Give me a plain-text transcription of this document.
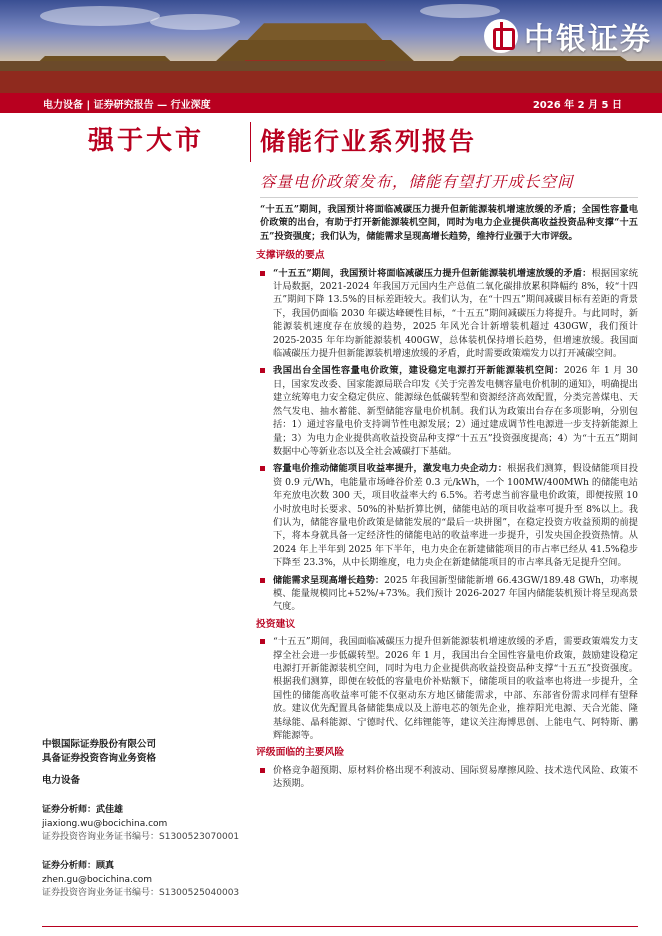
中银证券
电力设备 | 证券研究报告 — 行业深度	2026 年 2 月 5 日
强于大市
中银国际证券股份有限公司
具备证券投资咨询业务资格
电力设备
证券分析师：武佳雄
jiaxiong.wu@bocichina.com
证券投资咨询业务证书编号：S1300523070001
证券分析师：顾真
zhen.gu@bocichina.com
证券投资咨询业务证书编号：S1300525040003
储能行业系列报告
容量电价政策发布，储能有望打开成长空间

“十五五”期间，我国预计将面临减碳压力提升但新能源装机增速放缓的矛盾；全国性容量电价政策的出台，有助于打开新能源装机空间，同时为电力企业提供高收益投资品种支撑“十五五”投资强度；我们认为，储能需求呈现高增长趋势，维持行业强于大市评级。

支撑评级的要点
“十五五”期间，我国预计将面临减碳压力提升但新能源装机增速放缓的矛盾：根据国家统计局数据，2021-2024 年我国万元国内生产总值二氧化碳排放累积降幅约 8%，较“十四五”期间下降 13.5%的目标差距较大。我们认为，在“十四五”期间减碳目标有差距的背景下，我国仍面临 2030 年碳达峰硬性目标，“十五五”期间减碳压力将提升。与此同时，新能源装机速度存在放缓的趋势，2025 年风光合计新增装机超过 430GW，我们预计 2025-2035 年年均新能源装机 400GW，总体装机保持增长趋势，但增速放缓。我国面临减碳压力提升但新能源装机增速放缓的矛盾，此时需要政策端发力以打开减碳空间。
我国出台全国性容量电价政策，建设稳定电源打开新能源装机空间：2026 年 1 月 30 日，国家发改委、国家能源局联合印发《关于完善发电侧容量电价机制的通知》，明确提出建立统筹电力安全稳定供应、能源绿色低碳转型和资源经济高效配置，分类完善煤电、天然气发电、抽水蓄能、新型储能容量电价机制。我们认为政策出台存在多项影响，分别包括：1）通过容量电价支持调节性电源发展；2）通过建成调节性电源进一步支持新能源上量；3）为电力企业提供高收益投资品种支撑“十五五”投资强度提高；4）为“十五五”期间数据中心等新业态以及全社会减碳打下基础。
容量电价推动储能项目收益率提升，激发电力央企动力：根据我们测算，假设储能项目投资 0.9 元/Wh，电能量市场峰谷价差 0.3 元/kWh，一个 100MW/400MWh 的储能电站年充放电次数 300 天，项目收益率大约 6.5%。若考虑当前容量电价政策，即便按照 10 小时放电时长要求、50%的补贴折算比例，储能电站的项目收益率可提升至 8%以上。我们认为，储能容量电价政策是储能发展的“最后一块拼图”，在稳定投资方收益预期的前提下，将本身就具备一定经济性的储能电站的收益率进一步提升，引发央国企投资热情。从 2024 年上半年到 2025 年下半年，电力央企在新建储能项目的市占率已经从 41.5%稳步下降至 23.3%，从中长期维度，电力央企在新建储能项目的市占率具备无足提升空间。
储能需求呈现高增长趋势：2025 年我国新型储能新增 66.43GW/189.48 GWh，功率规模、能量规模同比+52%/+73%。我们预计 2026-2027 年国内储能装机预计将呈现高景气度。
投资建议
“十五五”期间，我国面临减碳压力提升但新能源装机增速放缓的矛盾，需要政策端发力支撑全社会进一步低碳转型。2026 年 1 月，我国出台全国性容量电价政策，鼓励建设稳定电源打开新能源装机空间，同时为电力企业提供高收益投资品种支撑“十五五”投资强度。根据我们测算，即便在较低的容量电价补贴额下，储能项目的收益率也将进一步提升，全国性的储能高收益率可能不仅驱动东方地区储能需求，中部、东部省份需求同样有望释放。建议优先配置具备储能集成以及上游电芯的领先企业，推荐阳光电源、天合光能、隆基绿能、晶科能源、宁德时代、亿纬锂能等，建议关注海博思创、上能电气、阿特斯、鹏辉能源等。
评级面临的主要风险
价格竞争超预期、原材料价格出现不利波动、国际贸易摩擦风险、技术迭代风险、政策不达预期。
